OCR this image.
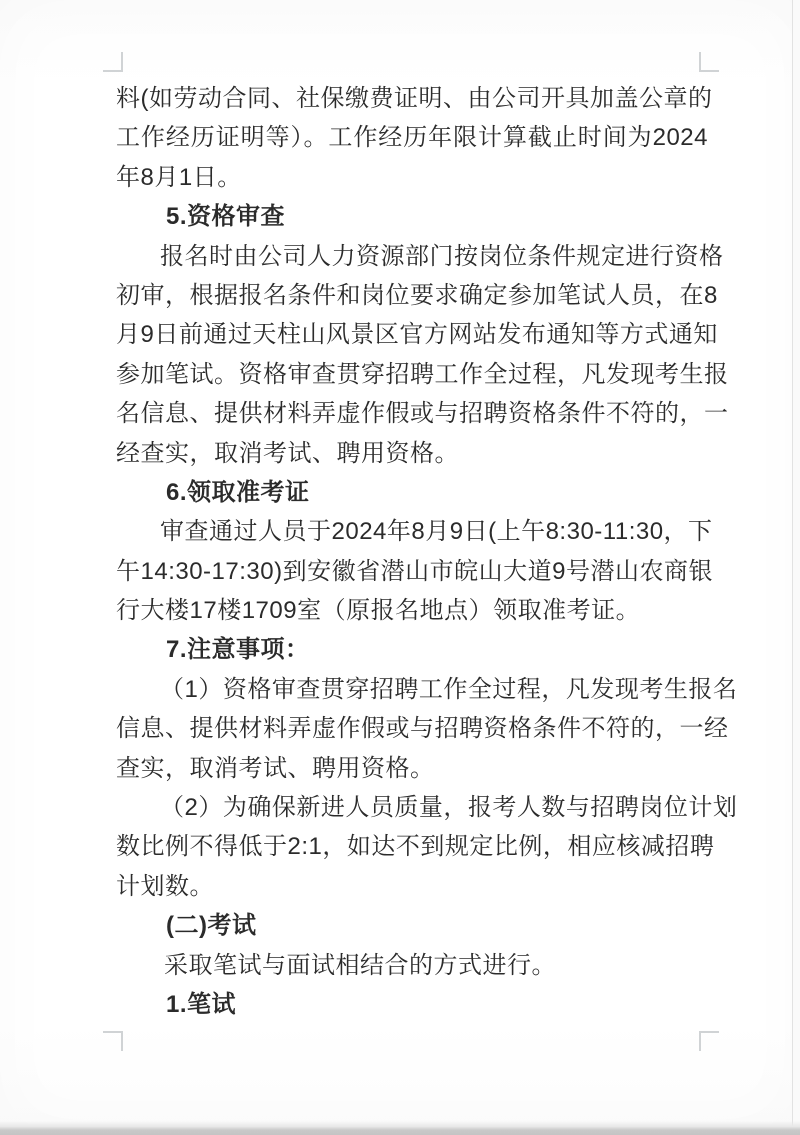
料(如劳动合同、社保缴费证明、由公司开具加盖公章的
工作经历证明等）。工作经历年限计算截止时间为2024
年8月1日。
5.资格审查
报名时由公司人力资源部门按岗位条件规定进行资格
初审，根据报名条件和岗位要求确定参加笔试人员，在8
月9日前通过天柱山风景区官方网站发布通知等方式通知
参加笔试。资格审查贯穿招聘工作全过程，凡发现考生报
名信息、提供材料弄虚作假或与招聘资格条件不符的，一
经查实，取消考试、聘用资格。
6.领取准考证
审查通过人员于2024年8月9日(上午8:30-11:30，下
午14:30-17:30)到安徽省潜山市皖山大道9号潜山农商银
行大楼17楼1709室（原报名地点）领取准考证。
7.注意事项：
（1）资格审查贯穿招聘工作全过程，凡发现考生报名
信息、提供材料弄虚作假或与招聘资格条件不符的，一经
查实，取消考试、聘用资格。
（2）为确保新进人员质量，报考人数与招聘岗位计划
数比例不得低于2:1，如达不到规定比例，相应核减招聘
计划数。
(二)考试
采取笔试与面试相结合的方式进行。
1.笔试
